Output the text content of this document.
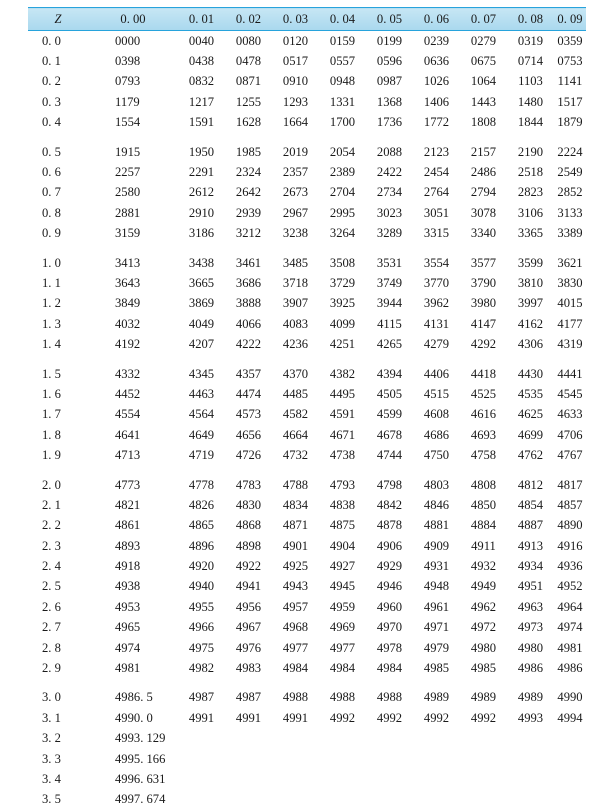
Z	0. 00	0. 01	0. 02	0. 03	0. 04	0. 05	0. 06	0. 07	0. 08	0. 09
0. 0	0000	0040	0080	0120	0159	0199	0239	0279	0319	0359
0. 1	0398	0438	0478	0517	0557	0596	0636	0675	0714	0753
0. 2	0793	0832	0871	0910	0948	0987	1026	1064	1103	1141
0. 3	1179	1217	1255	1293	1331	1368	1406	1443	1480	1517
0. 4	1554	1591	1628	1664	1700	1736	1772	1808	1844	1879
0. 5	1915	1950	1985	2019	2054	2088	2123	2157	2190	2224
0. 6	2257	2291	2324	2357	2389	2422	2454	2486	2518	2549
0. 7	2580	2612	2642	2673	2704	2734	2764	2794	2823	2852
0. 8	2881	2910	2939	2967	2995	3023	3051	3078	3106	3133
0. 9	3159	3186	3212	3238	3264	3289	3315	3340	3365	3389
1. 0	3413	3438	3461	3485	3508	3531	3554	3577	3599	3621
1. 1	3643	3665	3686	3718	3729	3749	3770	3790	3810	3830
1. 2	3849	3869	3888	3907	3925	3944	3962	3980	3997	4015
1. 3	4032	4049	4066	4083	4099	4115	4131	4147	4162	4177
1. 4	4192	4207	4222	4236	4251	4265	4279	4292	4306	4319
1. 5	4332	4345	4357	4370	4382	4394	4406	4418	4430	4441
1. 6	4452	4463	4474	4485	4495	4505	4515	4525	4535	4545
1. 7	4554	4564	4573	4582	4591	4599	4608	4616	4625	4633
1. 8	4641	4649	4656	4664	4671	4678	4686	4693	4699	4706
1. 9	4713	4719	4726	4732	4738	4744	4750	4758	4762	4767
2. 0	4773	4778	4783	4788	4793	4798	4803	4808	4812	4817
2. 1	4821	4826	4830	4834	4838	4842	4846	4850	4854	4857
2. 2	4861	4865	4868	4871	4875	4878	4881	4884	4887	4890
2. 3	4893	4896	4898	4901	4904	4906	4909	4911	4913	4916
2. 4	4918	4920	4922	4925	4927	4929	4931	4932	4934	4936
2. 5	4938	4940	4941	4943	4945	4946	4948	4949	4951	4952
2. 6	4953	4955	4956	4957	4959	4960	4961	4962	4963	4964
2. 7	4965	4966	4967	4968	4969	4970	4971	4972	4973	4974
2. 8	4974	4975	4976	4977	4977	4978	4979	4980	4980	4981
2. 9	4981	4982	4983	4984	4984	4984	4985	4985	4986	4986
3. 0	4986. 5	4987	4987	4988	4988	4988	4989	4989	4989	4990
3. 1	4990. 0	4991	4991	4991	4992	4992	4992	4992	4993	4994
3. 2	4993. 129									
3. 3	4995. 166									
3. 4	4996. 631									
3. 5	4997. 674									
